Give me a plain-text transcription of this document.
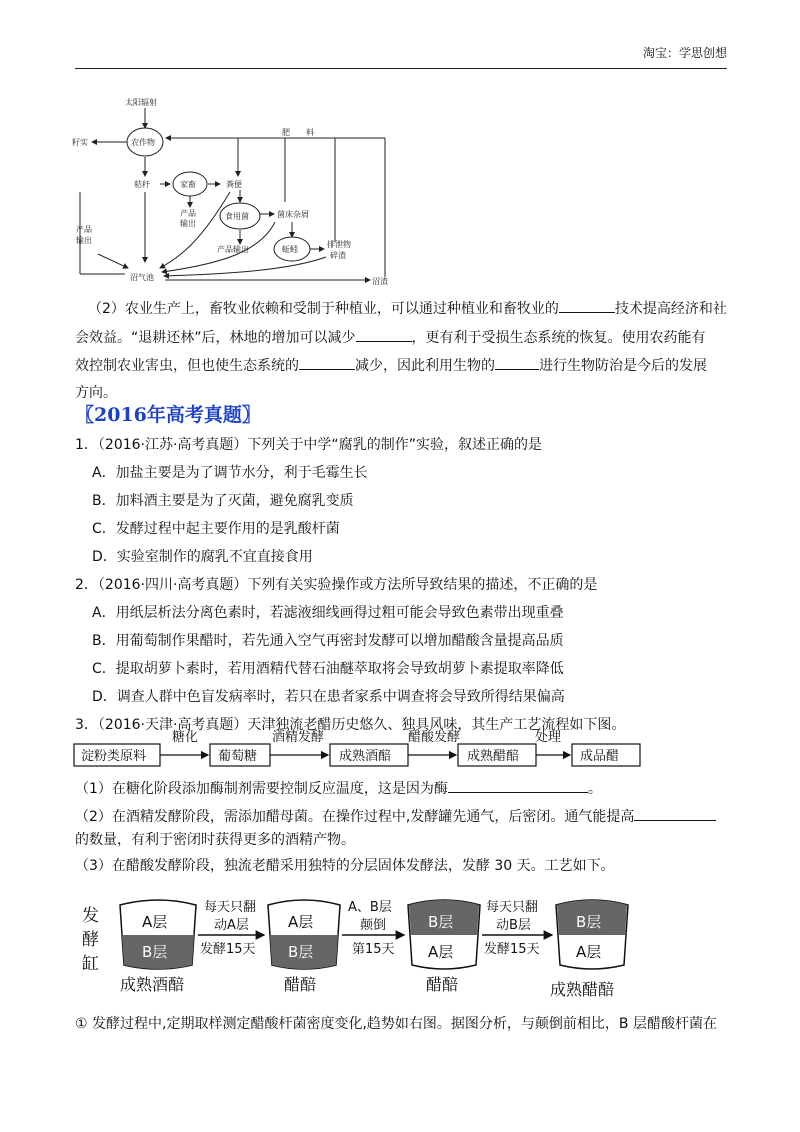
淘宝：学思创想
太阳辐射
农作物
籽实
秸秆	家畜
产品
输出
粪便
食用菌	菌床杂屑
产品输出	蚯蚓
排泄物
碎渣
产品
输出
沼气池	沼渣
肥　　料
（2）农业生产上，畜牧业依赖和受制于种植业，可以通过种植业和畜牧业的	技术提高经济和社
会效益。“退耕还林”后，林地的增加可以减少	，更有利于受损生态系统的恢复。使用农药能有
效控制农业害虫，但也使生态系统的	减少，因此利用生物的	进行生物防治是今后的发展
方向。
〖2016年高考真题〗
1．（2016·江苏·高考真题）下列关于中学“腐乳的制作”实验，叙述正确的是
A．加盐主要是为了调节水分，利于毛霉生长
B．加料酒主要是为了灭菌，避免腐乳变质
C．发酵过程中起主要作用的是乳酸杆菌
D．实验室制作的腐乳不宜直接食用
2．（2016·四川·高考真题）下列有关实验操作或方法所导致结果的描述，不正确的是
A．用纸层析法分离色素时，若滤液细线画得过粗可能会导致色素带出现重叠
B．用葡萄制作果醋时，若先通入空气再密封发酵可以增加醋酸含量提高品质
C．提取胡萝卜素时，若用酒精代替石油醚萃取将会导致胡萝卜素提取率降低
D．调查人群中色盲发病率时，若只在患者家系中调查将会导致所得结果偏高
3．（2016·天津·高考真题）天津独流老醋历史悠久、独具风味，其生产工艺流程如下图。
淀粉类原料	葡萄糖	成熟酒醅	成熟醋醅	成品醋
糖化	酒精发酵	醋酸发酵	处理
（1）在糖化阶段添加酶制剂需要控制反应温度，这是因为酶	。
（2）在酒精发酵阶段，需添加醋母菌。在操作过程中,发酵罐先通气，后密闭。通气能提高
的数量，有利于密闭时获得更多的酒精产物。
（3）在醋酸发酵阶段，独流老醋采用独特的分层固体发酵法，发酵 30 天。工艺如下。
发
酵
缸
A层
B层
A层
B层
B层
A层
B层
A层
每天只翻
动A层
发酵15天
A、B层
颠倒
第15天
每天只翻
动B层
发酵15天
成熟酒醅	醋醅	醋醅	成熟醋醅
① 发酵过程中,定期取样测定醋酸杆菌密度变化,趋势如右图。据图分析，与颠倒前相比，B 层醋酸杆菌在
